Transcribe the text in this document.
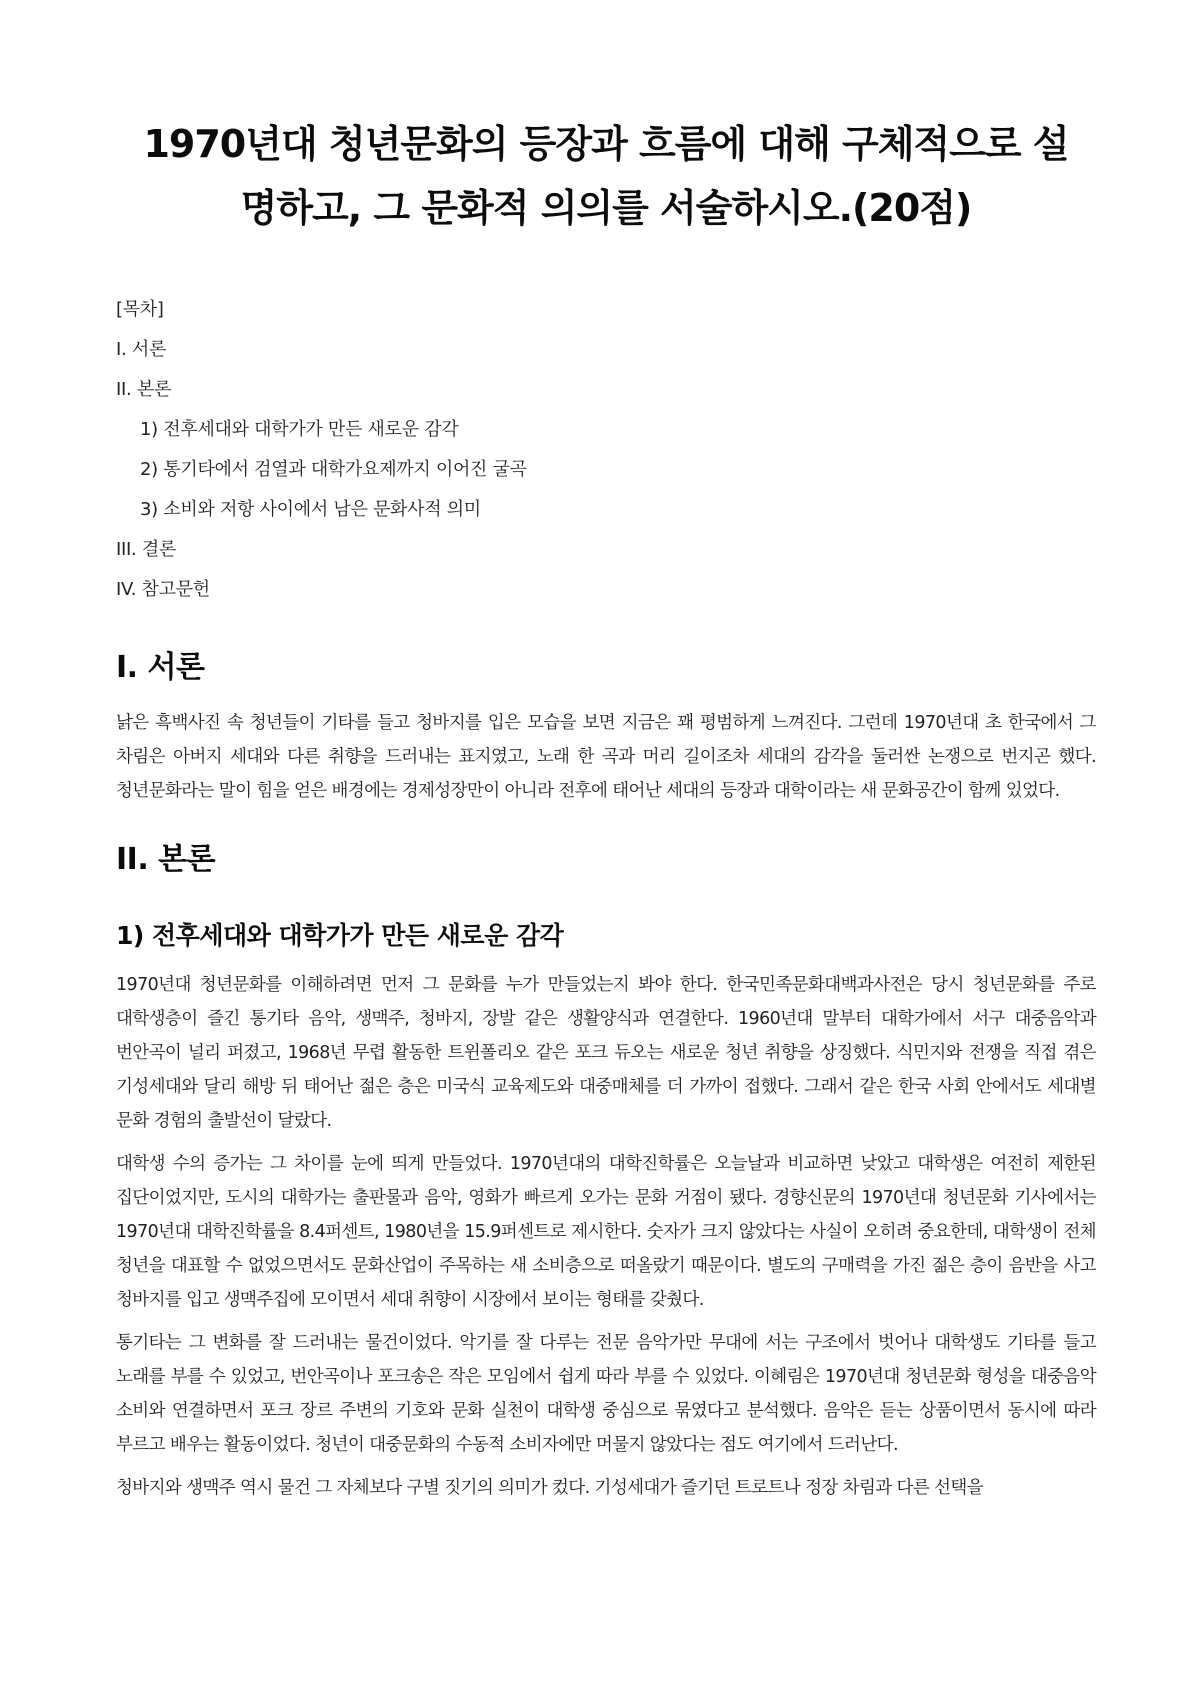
1970년대 청년문화의 등장과 흐름에 대해 구체적으로 설명하고, 그 문화적 의의를 서술하시오.(20점)
[목차]
I. 서론
II. 본론
1) 전후세대와 대학가가 만든 새로운 감각
2) 통기타에서 검열과 대학가요제까지 이어진 굴곡
3) 소비와 저항 사이에서 남은 문화사적 의미
III. 결론
IV. 참고문헌
I. 서론

낡은 흑백사진 속 청년들이 기타를 들고 청바지를 입은 모습을 보면 지금은 꽤 평범하게 느껴진다. 그런데 1970년대 초 한국에서 그 차림은 아버지 세대와 다른 취향을 드러내는 표지였고, 노래 한 곡과 머리 길이조차 세대의 감각을 둘러싼 논쟁으로 번지곤 했다. 청년문화라는 말이 힘을 얻은 배경에는 경제성장만이 아니라 전후에 태어난 세대의 등장과 대학이라는 새 문화공간이 함께 있었다.

II. 본론
1) 전후세대와 대학가가 만든 새로운 감각

1970년대 청년문화를 이해하려면 먼저 그 문화를 누가 만들었는지 봐야 한다. 한국민족문화대백과사전은 당시 청년문화를 주로 대학생층이 즐긴 통기타 음악, 생맥주, 청바지, 장발 같은 생활양식과 연결한다. 1960년대 말부터 대학가에서 서구 대중음악과 번안곡이 널리 퍼졌고, 1968년 무렵 활동한 트윈폴리오 같은 포크 듀오는 새로운 청년 취향을 상징했다. 식민지와 전쟁을 직접 겪은 기성세대와 달리 해방 뒤 태어난 젊은 층은 미국식 교육제도와 대중매체를 더 가까이 접했다. 그래서 같은 한국 사회 안에서도 세대별 문화 경험의 출발선이 달랐다.

대학생 수의 증가는 그 차이를 눈에 띄게 만들었다. 1970년대의 대학진학률은 오늘날과 비교하면 낮았고 대학생은 여전히 제한된 집단이었지만, 도시의 대학가는 출판물과 음악, 영화가 빠르게 오가는 문화 거점이 됐다. 경향신문의 1970년대 청년문화 기사에서는 1970년대 대학진학률을 8.4퍼센트, 1980년을 15.9퍼센트로 제시한다. 숫자가 크지 않았다는 사실이 오히려 중요한데, 대학생이 전체 청년을 대표할 수 없었으면서도 문화산업이 주목하는 새 소비층으로 떠올랐기 때문이다. 별도의 구매력을 가진 젊은 층이 음반을 사고 청바지를 입고 생맥주집에 모이면서 세대 취향이 시장에서 보이는 형태를 갖췄다.

통기타는 그 변화를 잘 드러내는 물건이었다. 악기를 잘 다루는 전문 음악가만 무대에 서는 구조에서 벗어나 대학생도 기타를 들고 노래를 부를 수 있었고, 번안곡이나 포크송은 작은 모임에서 쉽게 따라 부를 수 있었다. 이혜림은 1970년대 청년문화 형성을 대중음악 소비와 연결하면서 포크 장르 주변의 기호와 문화 실천이 대학생 중심으로 묶였다고 분석했다. 음악은 듣는 상품이면서 동시에 따라 부르고 배우는 활동이었다. 청년이 대중문화의 수동적 소비자에만 머물지 않았다는 점도 여기에서 드러난다.

청바지와 생맥주 역시 물건 그 자체보다 구별 짓기의 의미가 컸다. 기성세대가 즐기던 트로트나 정장 차림과 다른 선택을
